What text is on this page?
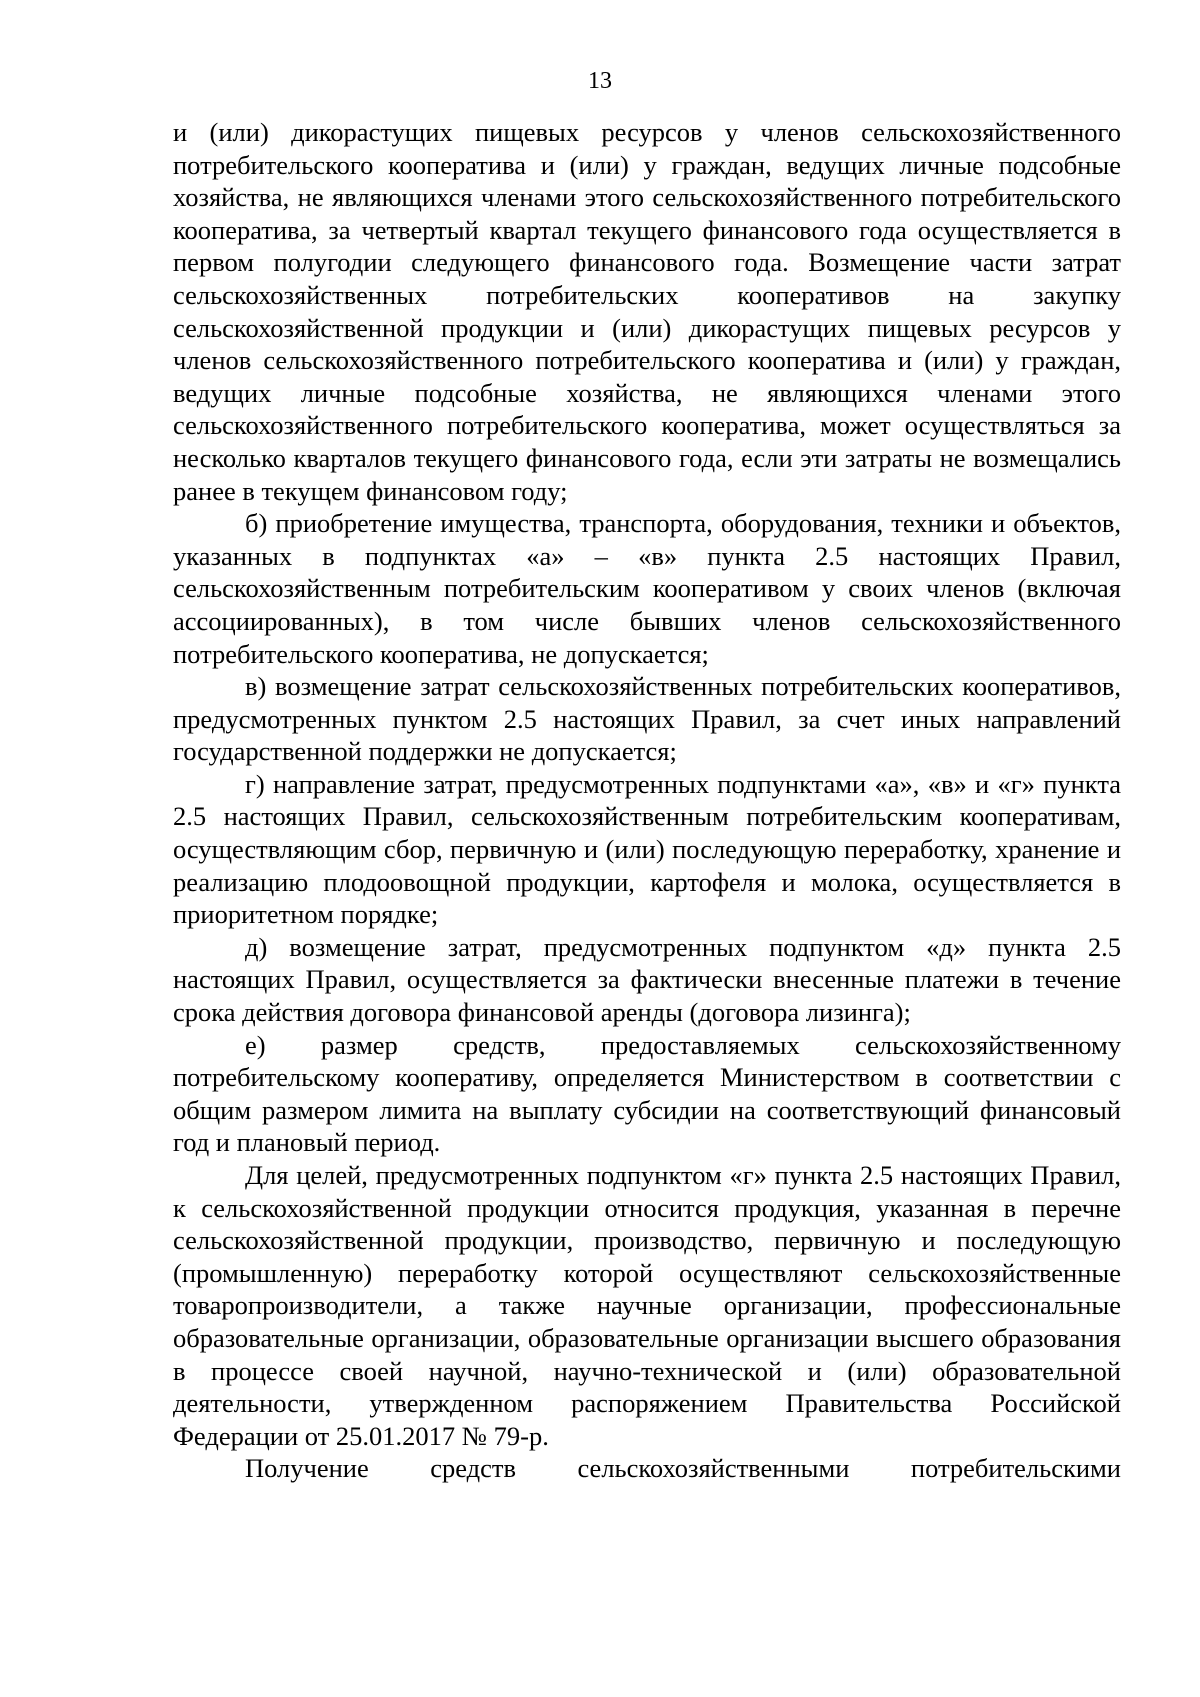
13

и (или) дикорастущих пищевых ресурсов у членов сельскохозяйственного потребительского кооператива и (или) у граждан, ведущих личные подсобные хозяйства, не являющихся членами этого сельскохозяйственного потребительского кооператива, за четвертый квартал текущего финансового года осуществляется в первом полугодии следующего финансового года. Возмещение части затрат сельскохозяйственных потребительских кооперативов на закупку сельскохозяйственной продукции и (или) дикорастущих пищевых ресурсов у членов сельскохозяйственного потребительского кооператива и (или) у граждан, ведущих личные подсобные хозяйства, не являющихся членами этого сельскохозяйственного потребительского кооператива, может осуществляться за несколько кварталов текущего финансового года, если эти затраты не возмещались ранее в текущем финансовом году;

б) приобретение имущества, транспорта, оборудования, техники и объектов, указанных в подпунктах «а» – «в» пункта 2.5 настоящих Правил, сельскохозяйственным потребительским кооперативом у своих членов (включая ассоциированных), в том числе бывших членов сельскохозяйственного потребительского кооператива, не допускается;

в) возмещение затрат сельскохозяйственных потребительских кооперативов, предусмотренных пунктом 2.5 настоящих Правил, за счет иных направлений государственной поддержки не допускается;

г) направление затрат, предусмотренных подпунктами «а», «в» и «г» пункта 2.5 настоящих Правил, сельскохозяйственным потребительским кооперативам, осуществляющим сбор, первичную и (или) последующую переработку, хранение и реализацию плодоовощной продукции, картофеля и молока, осуществляется в приоритетном порядке;

д) возмещение затрат, предусмотренных подпунктом «д» пункта 2.5 настоящих Правил, осуществляется за фактически внесенные платежи в течение срока действия договора финансовой аренды (договора лизинга);

е) размер средств, предоставляемых сельскохозяйственному потребительскому кооперативу, определяется Министерством в соответствии с общим размером лимита на выплату субсидии на соответствующий финансовый год и плановый период.

Для целей, предусмотренных подпунктом «г» пункта 2.5 настоящих Правил, к сельскохозяйственной продукции относится продукция, указанная в перечне сельскохозяйственной продукции, производство, первичную и последующую (промышленную) переработку которой осуществляют сельскохозяйственные товаропроизводители, а также научные организации, профессиональные образовательные организации, образовательные организации высшего образования в процессе своей научной, научно-технической и (или) образовательной деятельности, утвержденном распоряжением Правительства Российской Федерации от 25.01.2017 № 79-р.

Получение средств сельскохозяйственными потребительскими
